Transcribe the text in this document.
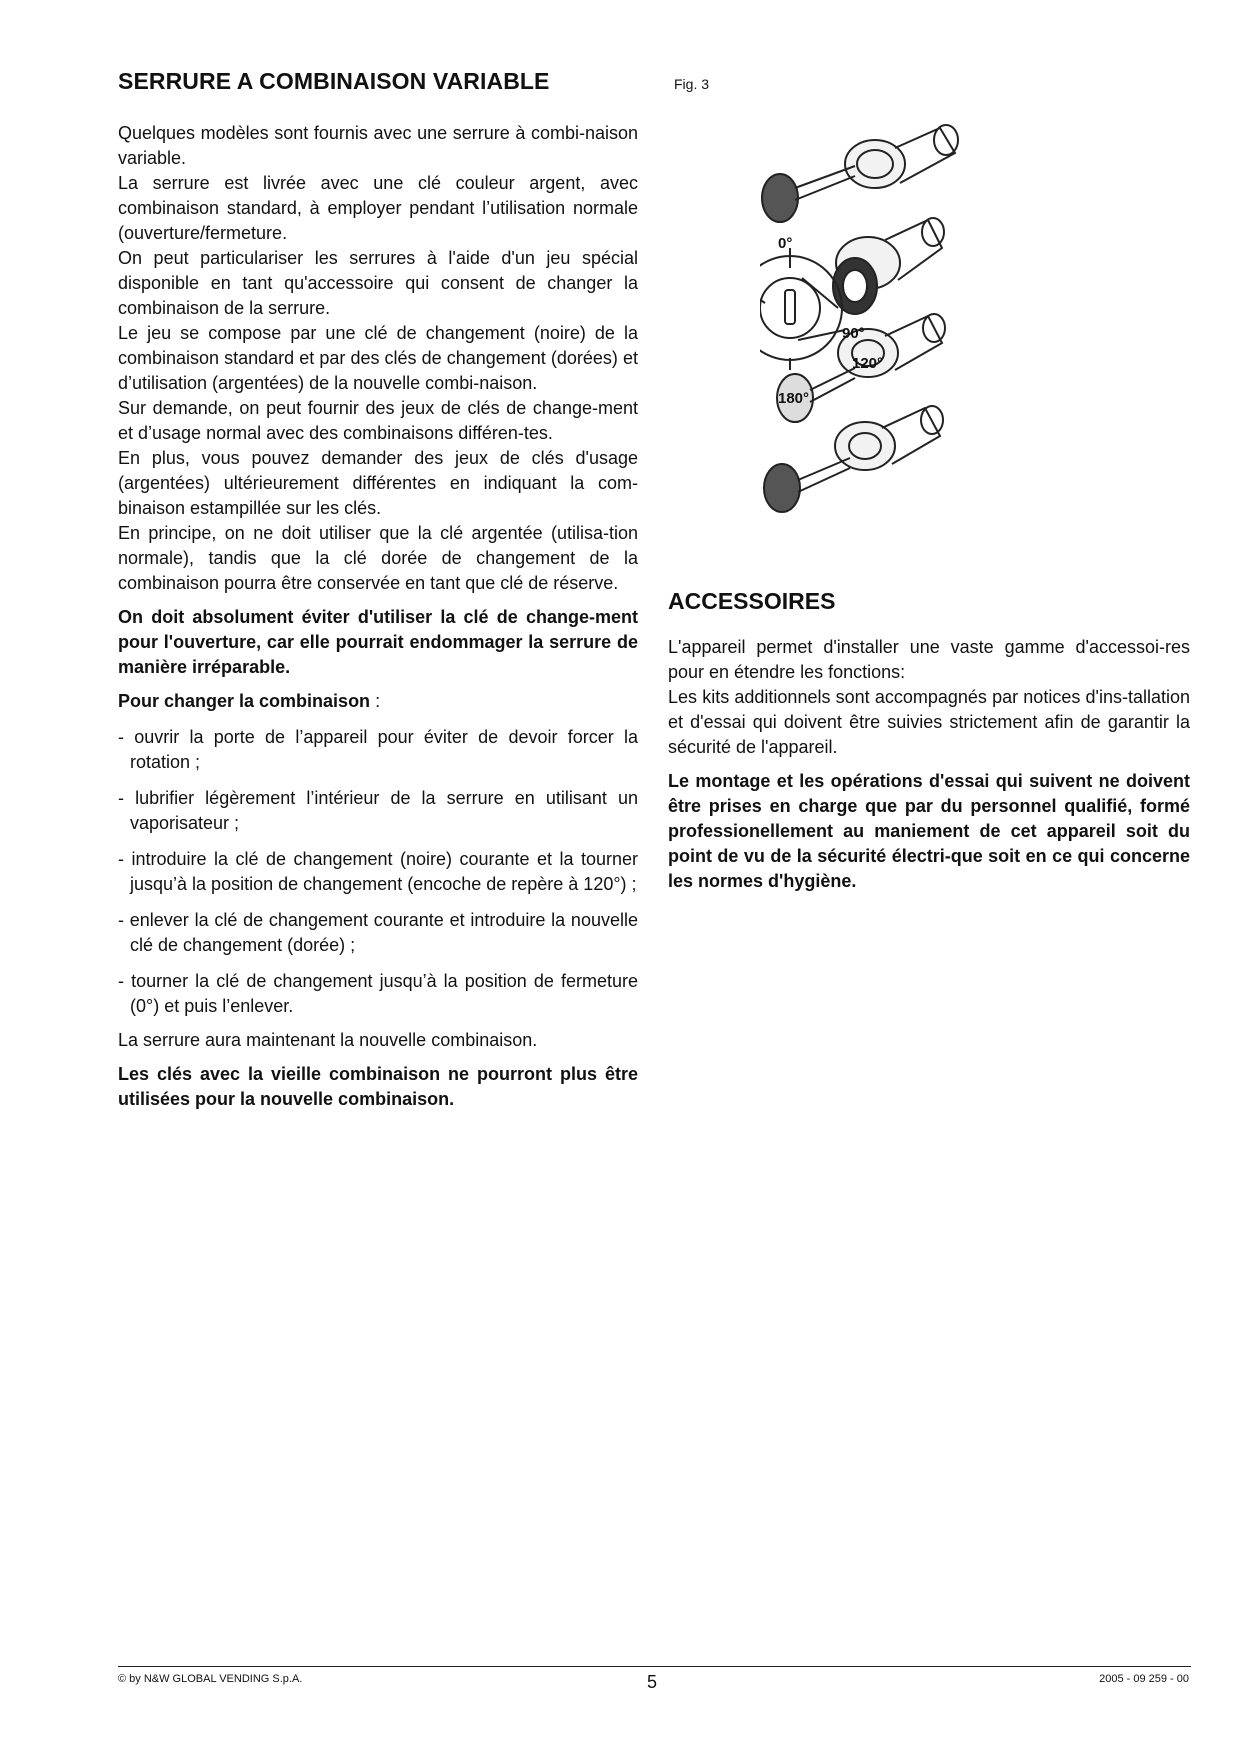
SERRURE A COMBINAISON VARIABLE

Quelques modèles sont fournis avec une serrure à combi-naison variable.

La serrure est livrée avec une clé couleur argent, avec combinaison standard, à employer pendant l’utilisation normale (ouverture/fermeture.

On peut particulariser les serrures à l'aide d'un jeu spécial disponible en tant qu'accessoire qui consent de changer la combinaison de la serrure.

Le jeu se compose par une clé de changement (noire) de la combinaison standard et par des clés de changement (dorées) et d’utilisation (argentées) de la nouvelle combi-naison.

Sur demande, on peut fournir des jeux de clés de change-ment et d’usage normal avec des combinaisons différen-tes.

En plus, vous pouvez demander des jeux de clés d'usage (argentées) ultérieurement différentes en indiquant la com-binaison estampillée sur les clés.

En principe, on ne doit utiliser que la clé argentée (utilisa-tion normale), tandis que la clé dorée de changement de la combinaison pourra être conservée en tant que clé de réserve.

On doit absolument éviter d'utiliser la clé de change-ment pour l'ouverture, car elle pourrait endommager la serrure de manière irréparable.

Pour changer la combinaison :

- ouvrir la porte de l’appareil pour éviter de devoir forcer la rotation ;
- lubrifier légèrement l’intérieur de la serrure en utilisant un vaporisateur ;
- introduire la clé de changement (noire) courante et la tourner jusqu’à la position de changement (encoche de repère à 120°) ;
- enlever la clé de changement courante et introduire la nouvelle clé de changement (dorée) ;
- tourner la clé de changement jusqu’à la position de fermeture (0°) et puis l’enlever.

La serrure aura maintenant la nouvelle combinaison.

Les clés avec la vieille combinaison ne pourront plus être utilisées pour la nouvelle combinaison.

Fig. 3
0°
90°
120°
180°
ACCESSOIRES

L'appareil permet d'installer une vaste gamme d'accessoi-res pour en étendre les fonctions:

Les kits additionnels sont accompagnés par notices d'ins-tallation et d'essai qui doivent être suivies strictement afin de garantir la sécurité de l'appareil.

Le montage et les opérations d'essai qui suivent ne doivent être prises en charge que par du personnel qualifié, formé professionellement au maniement de cet appareil soit du point de vu de la sécurité électri-que soit en ce qui concerne les normes d'hygiène.

© by N&W GLOBAL VENDING S.p.A.	5	2005 - 09 259 - 00
